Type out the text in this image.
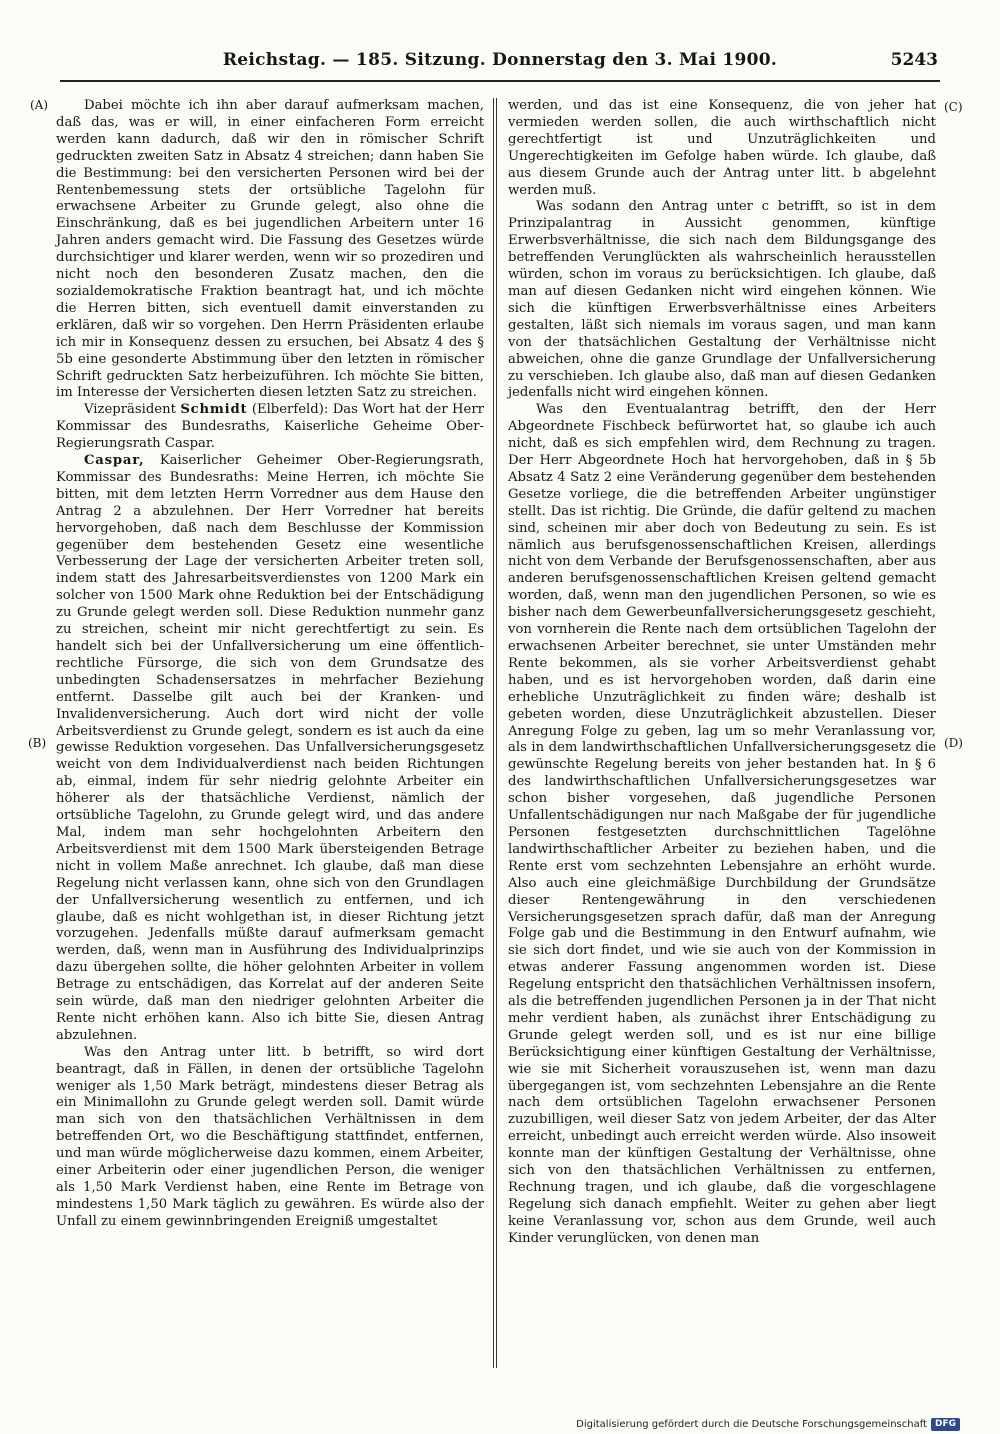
Reichstag. — 185. Sitzung. Donnerstag den 3. Mai 1900.	5243
(A)
(B)
(C)
(D)

Dabei möchte ich ihn aber darauf aufmerksam machen, daß das, was er will, in einer einfacheren Form erreicht werden kann dadurch, daß wir den in römischer Schrift gedruckten zweiten Satz in Absatz 4 streichen; dann haben Sie die Bestimmung: bei den versicherten Personen wird bei der Rentenbemessung stets der ortsübliche Tagelohn für erwachsene Arbeiter zu Grunde gelegt, also ohne die Einschränkung, daß es bei jugendlichen Arbeitern unter 16 Jahren anders gemacht wird. Die Fassung des Gesetzes würde durchsichtiger und klarer werden, wenn wir so prozediren und nicht noch den besonderen Zusatz machen, den die sozialdemokratische Fraktion beantragt hat, und ich möchte die Herren bitten, sich eventuell damit einverstanden zu erklären, daß wir so vorgehen. Den Herrn Präsidenten erlaube ich mir in Konsequenz dessen zu ersuchen, bei Absatz 4 des § 5b eine gesonderte Abstimmung über den letzten in römischer Schrift gedruckten Satz herbeizuführen. Ich möchte Sie bitten, im Interesse der Versicherten diesen letzten Satz zu streichen.

Vizepräsident Schmidt (Elberfeld): Das Wort hat der Herr Kommissar des Bundesraths, Kaiserliche Geheime Ober-Regierungsrath Caspar.

Caspar, Kaiserlicher Geheimer Ober-Regierungsrath, Kommissar des Bundesraths: Meine Herren, ich möchte Sie bitten, mit dem letzten Herrn Vorredner aus dem Hause den Antrag 2 a abzulehnen. Der Herr Vorredner hat bereits hervorgehoben, daß nach dem Beschlusse der Kommission gegenüber dem bestehenden Gesetz eine wesentliche Verbesserung der Lage der versicherten Arbeiter treten soll, indem statt des Jahresarbeitsverdienstes von 1200 Mark ein solcher von 1500 Mark ohne Reduktion bei der Entschädigung zu Grunde gelegt werden soll. Diese Reduktion nunmehr ganz zu streichen, scheint mir nicht gerechtfertigt zu sein. Es handelt sich bei der Unfallversicherung um eine öffentlich-rechtliche Fürsorge, die sich von dem Grundsatze des unbedingten Schadensersatzes in mehrfacher Beziehung entfernt. Dasselbe gilt auch bei der Kranken- und Invalidenversicherung. Auch dort wird nicht der volle Arbeitsverdienst zu Grunde gelegt, sondern es ist auch da eine gewisse Reduktion vorgesehen. Das Unfallversicherungsgesetz weicht von dem Individualverdienst nach beiden Richtungen ab, einmal, indem für sehr niedrig gelohnte Arbeiter ein höherer als der thatsächliche Verdienst, nämlich der ortsübliche Tagelohn, zu Grunde gelegt wird, und das andere Mal, indem man sehr hochgelohnten Arbeitern den Arbeitsverdienst mit dem 1500 Mark übersteigenden Betrage nicht in vollem Maße anrechnet. Ich glaube, daß man diese Regelung nicht verlassen kann, ohne sich von den Grundlagen der Unfallversicherung wesentlich zu entfernen, und ich glaube, daß es nicht wohlgethan ist, in dieser Richtung jetzt vorzugehen. Jedenfalls müßte darauf aufmerksam gemacht werden, daß, wenn man in Ausführung des Individualprinzips dazu übergehen sollte, die höher gelohnten Arbeiter in vollem Betrage zu entschädigen, das Korrelat auf der anderen Seite sein würde, daß man den niedriger gelohnten Arbeiter die Rente nicht erhöhen kann. Also ich bitte Sie, diesen Antrag abzulehnen.

Was den Antrag unter litt. b betrifft, so wird dort beantragt, daß in Fällen, in denen der ortsübliche Tagelohn weniger als 1,50 Mark beträgt, mindestens dieser Betrag als ein Minimallohn zu Grunde gelegt werden soll. Damit würde man sich von den thatsächlichen Verhältnissen in dem betreffenden Ort, wo die Beschäftigung stattfindet, entfernen, und man würde möglicherweise dazu kommen, einem Arbeiter, einer Arbeiterin oder einer jugendlichen Person, die weniger als 1,50 Mark Verdienst haben, eine Rente im Betrage von mindestens 1,50 Mark täglich zu gewähren. Es würde also der Unfall zu einem gewinnbringenden Ereigniß umgestaltet

werden, und das ist eine Konsequenz, die von jeher hat vermieden werden sollen, die auch wirthschaftlich nicht gerechtfertigt ist und Unzuträglichkeiten und Ungerechtigkeiten im Gefolge haben würde. Ich glaube, daß aus diesem Grunde auch der Antrag unter litt. b abgelehnt werden muß.

Was sodann den Antrag unter c betrifft, so ist in dem Prinzipalantrag in Aussicht genommen, künftige Erwerbsverhältnisse, die sich nach dem Bildungsgange des betreffenden Verunglückten als wahrscheinlich herausstellen würden, schon im voraus zu berücksichtigen. Ich glaube, daß man auf diesen Gedanken nicht wird eingehen können. Wie sich die künftigen Erwerbsverhältnisse eines Arbeiters gestalten, läßt sich niemals im voraus sagen, und man kann von der thatsächlichen Gestaltung der Verhältnisse nicht abweichen, ohne die ganze Grundlage der Unfallversicherung zu verschieben. Ich glaube also, daß man auf diesen Gedanken jedenfalls nicht wird eingehen können.

Was den Eventualantrag betrifft, den der Herr Abgeordnete Fischbeck befürwortet hat, so glaube ich auch nicht, daß es sich empfehlen wird, dem Rechnung zu tragen. Der Herr Abgeordnete Hoch hat hervorgehoben, daß in § 5b Absatz 4 Satz 2 eine Veränderung gegenüber dem bestehenden Gesetze vorliege, die die betreffenden Arbeiter ungünstiger stellt. Das ist richtig. Die Gründe, die dafür geltend zu machen sind, scheinen mir aber doch von Bedeutung zu sein. Es ist nämlich aus berufsgenossenschaftlichen Kreisen, allerdings nicht von dem Verbande der Berufsgenossenschaften, aber aus anderen berufsgenossenschaftlichen Kreisen geltend gemacht worden, daß, wenn man den jugendlichen Personen, so wie es bisher nach dem Gewerbeunfallversicherungsgesetz geschieht, von vornherein die Rente nach dem ortsüblichen Tagelohn der erwachsenen Arbeiter berechnet, sie unter Umständen mehr Rente bekommen, als sie vorher Arbeitsverdienst gehabt haben, und es ist hervorgehoben worden, daß darin eine erhebliche Unzuträglichkeit zu finden wäre; deshalb ist gebeten worden, diese Unzuträglichkeit abzustellen. Dieser Anregung Folge zu geben, lag um so mehr Veranlassung vor, als in dem landwirthschaftlichen Unfallversicherungsgesetz die gewünschte Regelung bereits von jeher bestanden hat. In § 6 des landwirthschaftlichen Unfallversicherungsgesetzes war schon bisher vorgesehen, daß jugendliche Personen Unfallentschädigungen nur nach Maßgabe der für jugendliche Personen festgesetzten durchschnittlichen Tagelöhne landwirthschaftlicher Arbeiter zu beziehen haben, und die Rente erst vom sechzehnten Lebensjahre an erhöht wurde. Also auch eine gleichmäßige Durchbildung der Grundsätze dieser Rentengewährung in den verschiedenen Versicherungsgesetzen sprach dafür, daß man der Anregung Folge gab und die Bestimmung in den Entwurf aufnahm, wie sie sich dort findet, und wie sie auch von der Kommission in etwas anderer Fassung angenommen worden ist. Diese Regelung entspricht den thatsächlichen Verhältnissen insofern, als die betreffenden jugendlichen Personen ja in der That nicht mehr verdient haben, als zunächst ihrer Entschädigung zu Grunde gelegt werden soll, und es ist nur eine billige Berücksichtigung einer künftigen Gestaltung der Verhältnisse, wie sie mit Sicherheit vorauszusehen ist, wenn man dazu übergegangen ist, vom sechzehnten Lebensjahre an die Rente nach dem ortsüblichen Tagelohn erwachsener Personen zuzubilligen, weil dieser Satz von jedem Arbeiter, der das Alter erreicht, unbedingt auch erreicht werden würde. Also insoweit konnte man der künftigen Gestaltung der Verhältnisse, ohne sich von den thatsächlichen Verhältnissen zu entfernen, Rechnung tragen, und ich glaube, daß die vorgeschlagene Regelung sich danach empfiehlt. Weiter zu gehen aber liegt keine Veranlassung vor, schon aus dem Grunde, weil auch Kinder verunglücken, von denen man

Digitalisierung gefördert durch die Deutsche Forschungsgemeinschaft DFG
